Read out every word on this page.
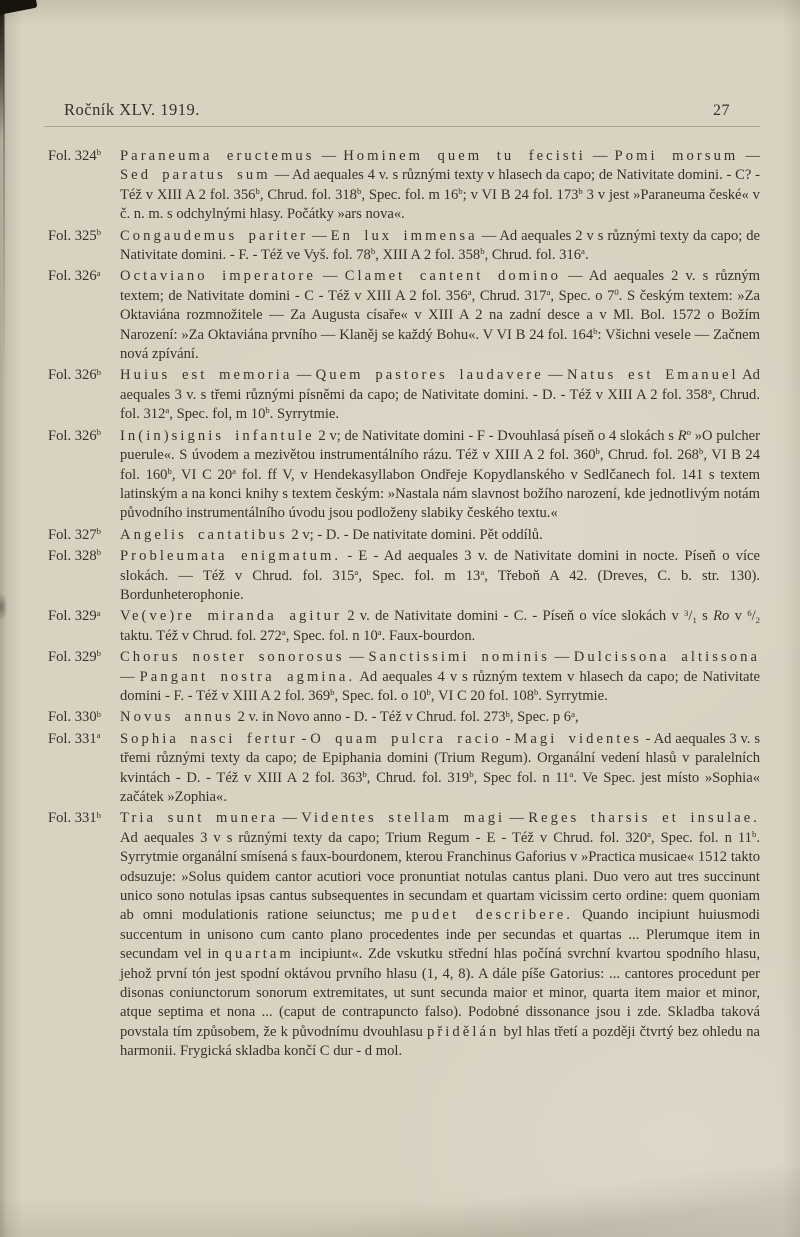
Ročník XLV. 1919.	27
Fol. 324$^b$	Paraneuma eructemus — Hominem quem tu fecisti — Pomi morsum — Sed paratus sum — Ad aequales 4 v. s různými texty v hlasech da capo; de Nativitate domini. - C? - Též v XIII A 2 fol. 356$^b$, Chrud. fol. 318$^b$, Spec. fol. m 16$^b$; v VI B 24 fol. 173$^b$ 3 v jest »Paraneuma české« v č. n. m. s odchylnými hlasy. Počátky »ars nova«.
Fol. 325$^b$	Congaudemus pariter — En lux immensa — Ad aequales 2 v s různými texty da capo; de Nativitate domini. - F. - Též ve Vyš. fol. 78$^b$, XIII A 2 fol. 358$^b$, Chrud. fol. 316$^a$.
Fol. 326$^a$	Octaviano imperatore — Clamet cantent domino — Ad aequales 2 v. s různým textem; de Nativitate domini - C - Též v XIII A 2 fol. 356$^a$, Chrud. 317$^a$, Spec. o $7^0$. S českým textem: »Za Oktaviána rozmnožitele — Za Augusta císaře« v XIII A 2 na zadní desce a v Ml. Bol. 1572 o Božím Narození: »Za Oktaviána prvního — Klaněj se každý Bohu«. V VI B 24 fol. 164$^b$: Všichni vesele — Začnem nová zpívání.
Fol. 326$^b$	Huius est memoria — Quem pastores laudavere — Natus est Emanuel Ad aequales 3 v. s třemi různými písněmi da capo; de Nativitate domini. - D. - Též v XIII A 2 fol. 358$^a$, Chrud. fol. 312$^a$, Spec. fol, m 10$^b$. Syrrytmie.
Fol. 326$^b$	In(in)signis infantule 2 v; de Nativitate domini - F - Dvouhlasá píseň o 4 slokách s $R^o$ »O pulcher puerule«. S úvodem a mezivětou instrumentálního rázu. Též v XIII A 2 fol. 360$^b$, Chrud. fol. 268$^b$, VI B 24 fol. 160$^b$, VI C 20$^a$ fol. ff V, v Hendekasyllabon Ondřeje Kopydlanského v Sedlčanech fol. 141 s textem latinským a na konci knihy s textem českým: »Nastala nám slavnost božího narození, kde jednotlivým notám původního instrumentálního úvodu jsou podloženy slabiky českého textu.«
Fol. 327$^b$	Angelis cantatibus 2 v; - D. - De nativitate domini. Pět oddílů.
Fol. 328$^b$	Probleumata enigmatum. - E - Ad aequales 3 v. de Nativitate domini in nocte. Píseň o více slokách. — Též v Chrud. fol. 315$^a$, Spec. fol. m 13$^a$, Třeboň A 42. (Dreves, C. b. str. 130). Bordunheterophonie.
Fol. 329$^a$	Ve(ve)re miranda agitur 2 v. de Nativitate domini - C. - Píseň o více slokách v $^3/_1$ s Ro v $^6/_2$ taktu. Též v Chrud. fol. 272$^a$, Spec. fol. n 10$^a$. Faux-bourdon.
Fol. 329$^b$	Chorus noster sonorosus — Sanctissimi nominis — Dulcissona altissona — Pangant nostra agmina. Ad aequales 4 v s různým textem v hlasech da capo; de Nativitate domini - F. - Též v XIII A 2 fol. 369$^b$, Spec. fol. o 10$^b$, VI C 20 fol. 108$^b$. Syrrytmie.
Fol. 330$^b$	Novus annus 2 v. in Novo anno - D. - Též v Chrud. fol. 273$^b$, Spec. p 6$^a$,
Fol. 331$^a$	Sophia nasci fertur - O quam pulcra racio - Magi videntes - Ad aequales 3 v. s třemi různými texty da capo; de Epiphania domini (Trium Regum). Organální vedení hlasů v paralelních kvintách - D. - Též v XIII A 2 fol. 363$^b$, Chrud. fol. 319$^b$, Spec fol. n 11$^a$. Ve Spec. jest místo »Sophia« začátek »Zophia«.
Fol. 331$^b$	Tria sunt munera — Videntes stellam magi — Reges tharsis et insulae. Ad aequales 3 v s různými texty da capo; Trium Regum - E - Též v Chrud. fol. 320$^a$, Spec. fol. n 11$^b$. Syrrytmie organální smísená s faux-bourdonem, kterou Franchinus Gaforius v »Practica musicae« 1512 takto odsuzuje: »Solus quidem cantor acutiori voce pronuntiat notulas cantus plani. Duo vero aut tres succinunt unico sono notulas ipsas cantus subsequentes in secundam et quartam vicissim certo ordine: quem quoniam ab omni modulationis ratione seiunctus; me pudet describere. Quando incipiunt huiusmodi succentum in unisono cum canto plano procedentes inde per secundas et quartas ... Plerumque item in secundam vel in quartam incipiunt«. Zde vskutku střední hlas počíná svrchní kvartou spodního hlasu, jehož první tón jest spodní oktávou prvního hlasu (1, 4, 8). A dále píše Gatorius: ... cantores procedunt per disonas coniunctorum sonorum extremitates, ut sunt secunda maior et minor, quarta item maior et minor, atque septima et nona ... (caput de contrapuncto falso). Podobné dissonance jsou i zde. Skladba taková povstala tím způsobem, že k původnímu dvouhlasu přidělán byl hlas třetí a později čtvrtý bez ohledu na harmonii. Frygická skladba končí C dur - d mol.
